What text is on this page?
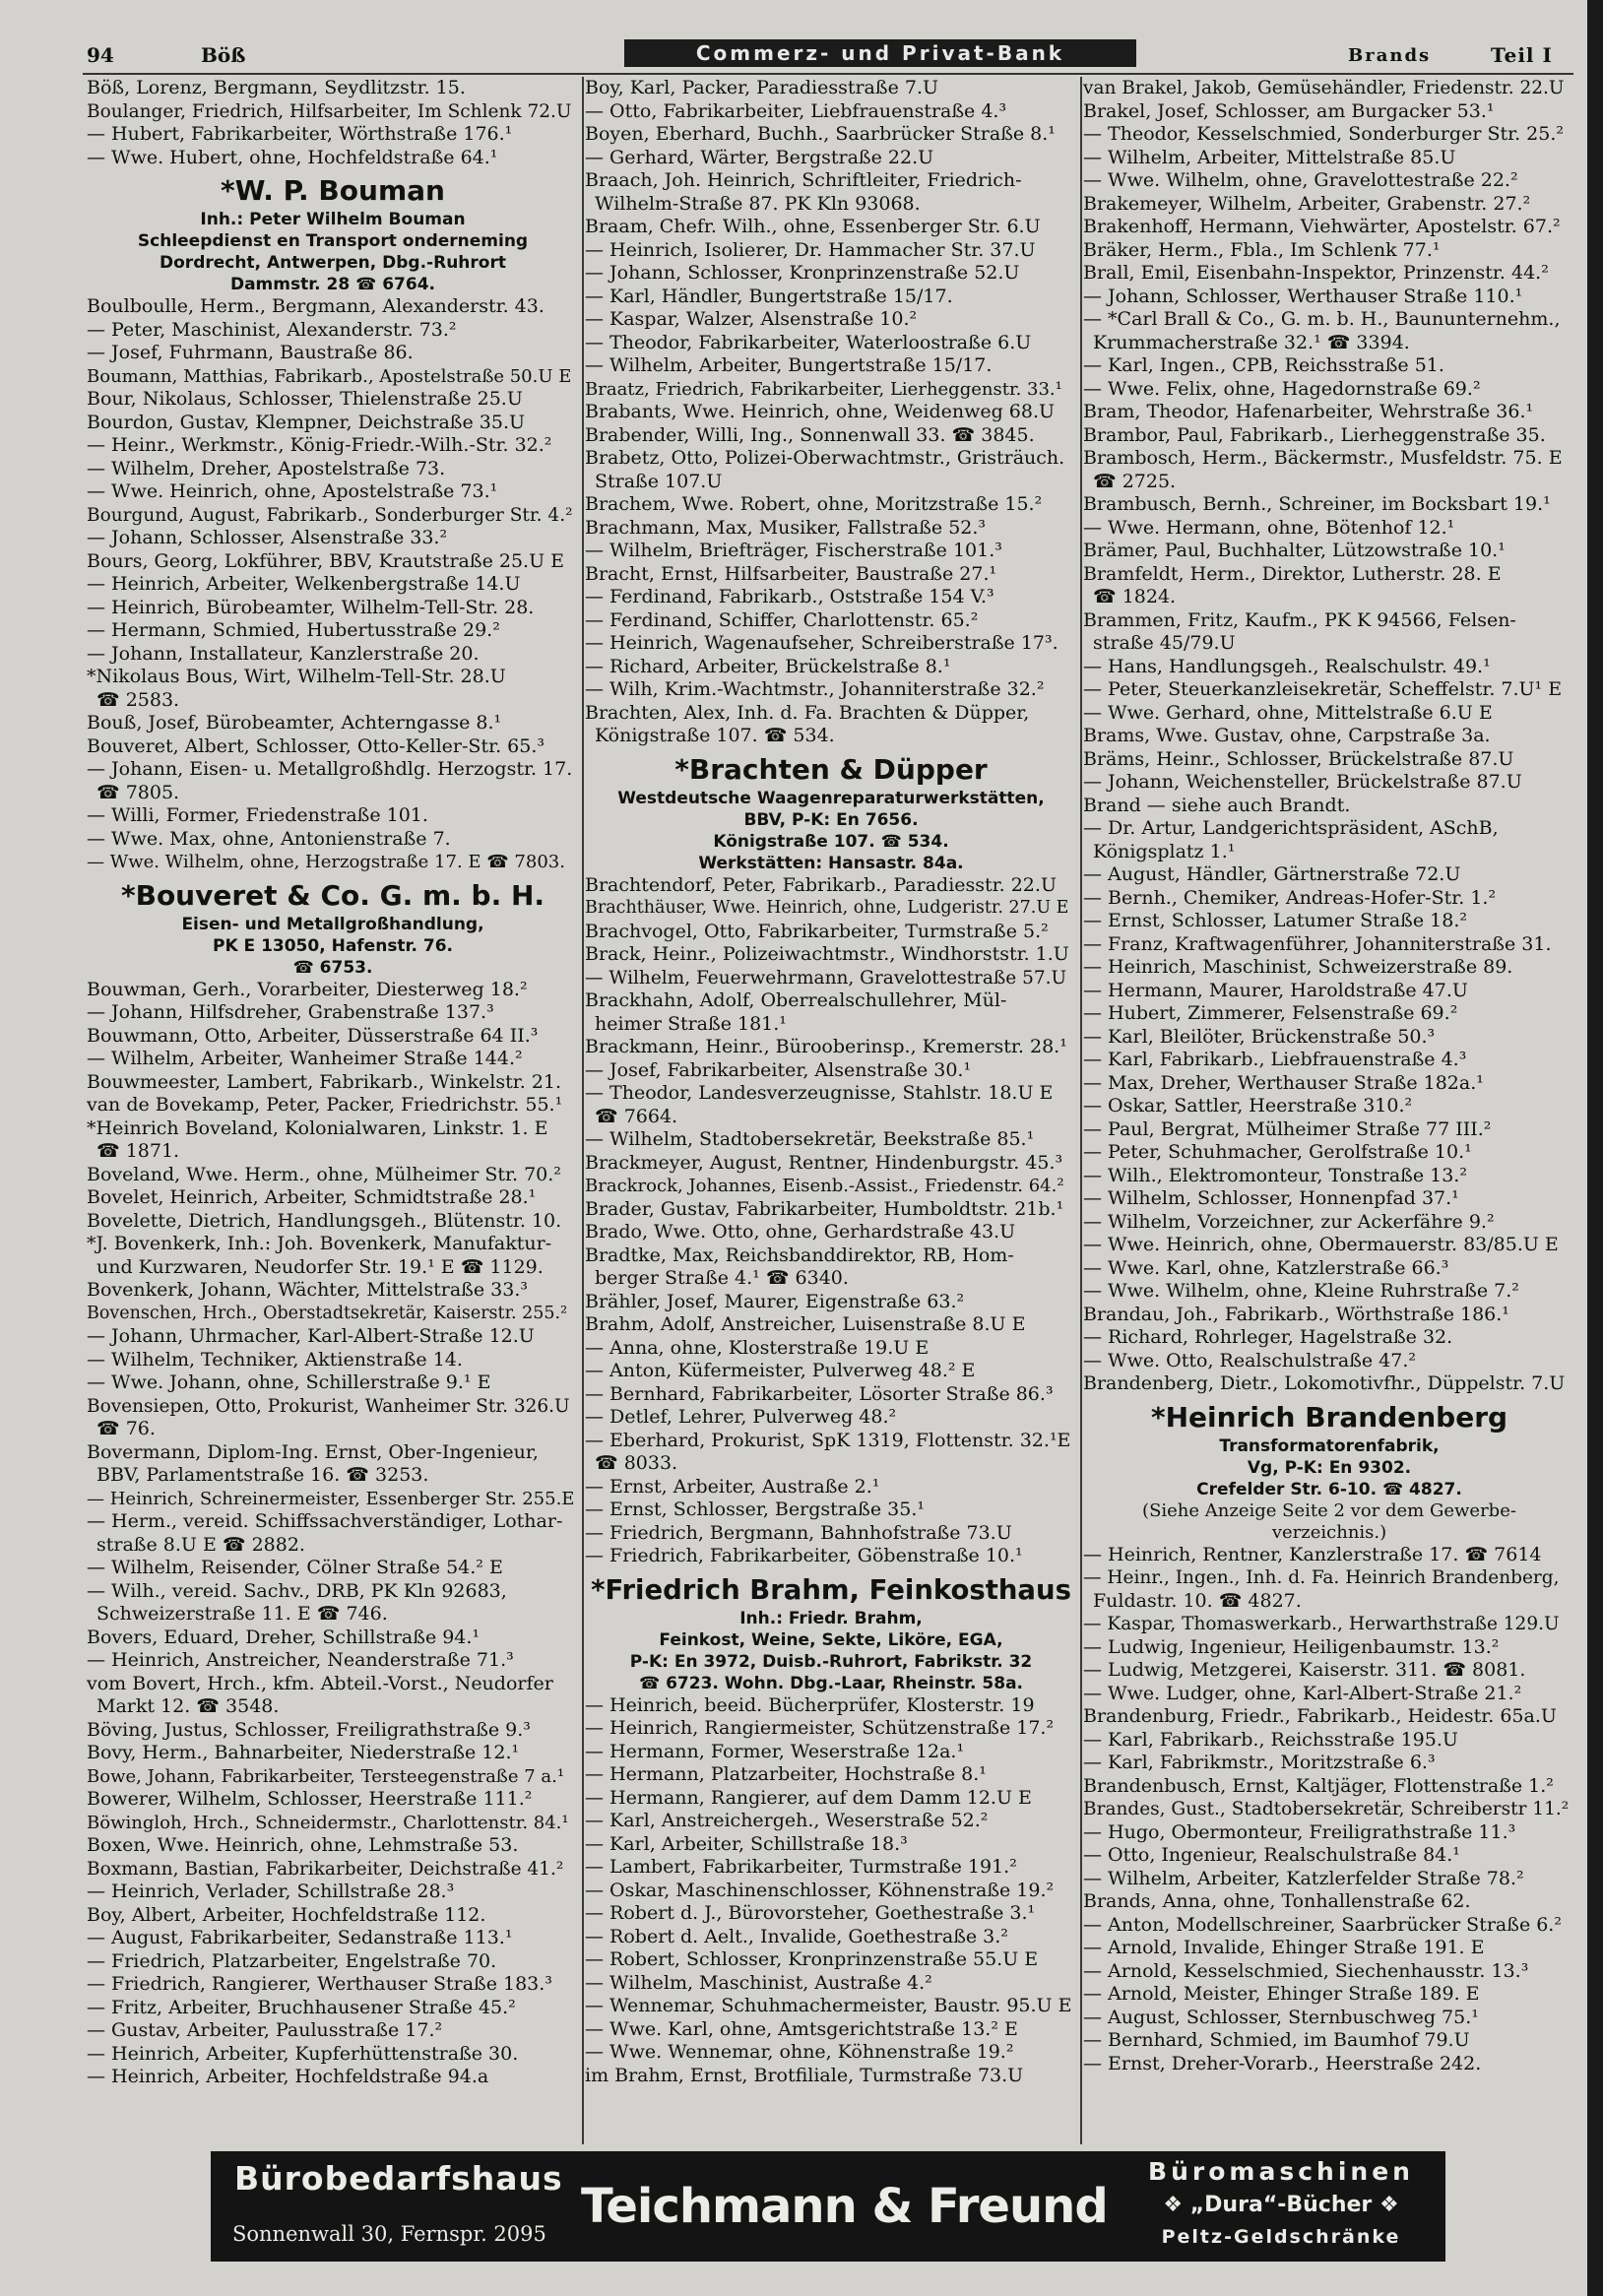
94	Böß	Commerz- und Privat-Bank	Brands	Teil I
Böß, Lorenz, Bergmann, Seydlitzstr. 15.
Boulanger, Friedrich, Hilfsarbeiter, Im Schlenk 72.U
— Hubert, Fabrikarbeiter, Wörthstraße 176.¹
— Wwe. Hubert, ohne, Hochfeldstraße 64.¹
*W. P. Bouman
Inh.: Peter Wilhelm Bouman
Schleepdienst en Transport onderneming
Dordrecht, Antwerpen, Dbg.-Ruhrort
Dammstr. 28 ☎ 6764.
Boulboulle, Herm., Bergmann, Alexanderstr. 43.
— Peter, Maschinist, Alexanderstr. 73.²
— Josef, Fuhrmann, Baustraße 86.
Boumann, Matthias, Fabrikarb., Apostelstraße 50.U E
Bour, Nikolaus, Schlosser, Thielenstraße 25.U
Bourdon, Gustav, Klempner, Deichstraße 35.U
— Heinr., Werkmstr., König-Friedr.-Wilh.-Str. 32.²
— Wilhelm, Dreher, Apostelstraße 73.
— Wwe. Heinrich, ohne, Apostelstraße 73.¹
Bourgund, August, Fabrikarb., Sonderburger Str. 4.²
— Johann, Schlosser, Alsenstraße 33.²
Bours, Georg, Lokführer, BBV, Krautstraße 25.U E
— Heinrich, Arbeiter, Welkenbergstraße 14.U
— Heinrich, Bürobeamter, Wilhelm-Tell-Str. 28.
— Hermann, Schmied, Hubertusstraße 29.²
— Johann, Installateur, Kanzlerstraße 20.
*Nikolaus Bous, Wirt, Wilhelm-Tell-Str. 28.U
☎ 2583.
Bouß, Josef, Bürobeamter, Achterngasse 8.¹
Bouveret, Albert, Schlosser, Otto-Keller-Str. 65.³
— Johann, Eisen- u. Metallgroßhdlg. Herzogstr. 17.
☎ 7805.
— Willi, Former, Friedenstraße 101.
— Wwe. Max, ohne, Antonienstraße 7.
— Wwe. Wilhelm, ohne, Herzogstraße 17. E ☎ 7803.
*Bouveret & Co. G. m. b. H.
Eisen- und Metallgroßhandlung,
PK E 13050, Hafenstr. 76.
☎ 6753.
Bouwman, Gerh., Vorarbeiter, Diesterweg 18.²
— Johann, Hilfsdreher, Grabenstraße 137.³
Bouwmann, Otto, Arbeiter, Düsserstraße 64 II.³
— Wilhelm, Arbeiter, Wanheimer Straße 144.²
Bouwmeester, Lambert, Fabrikarb., Winkelstr. 21.
van de Bovekamp, Peter, Packer, Friedrichstr. 55.¹
*Heinrich Boveland, Kolonialwaren, Linkstr. 1. E
☎ 1871.
Boveland, Wwe. Herm., ohne, Mülheimer Str. 70.²
Bovelet, Heinrich, Arbeiter, Schmidtstraße 28.¹
Bovelette, Dietrich, Handlungsgeh., Blütenstr. 10.
*J. Bovenkerk, Inh.: Joh. Bovenkerk, Manufaktur-
und Kurzwaren, Neudorfer Str. 19.¹ E ☎ 1129.
Bovenkerk, Johann, Wächter, Mittelstraße 33.³
Bovenschen, Hrch., Oberstadtsekretär, Kaiserstr. 255.²
— Johann, Uhrmacher, Karl-Albert-Straße 12.U
— Wilhelm, Techniker, Aktienstraße 14.
— Wwe. Johann, ohne, Schillerstraße 9.¹ E
Bovensiepen, Otto, Prokurist, Wanheimer Str. 326.U
☎ 76.
Bovermann, Diplom-Ing. Ernst, Ober-Ingenieur,
BBV, Parlamentstraße 16. ☎ 3253.
— Heinrich, Schreinermeister, Essenberger Str. 255.E
— Herm., vereid. Schiffssachverständiger, Lothar-
straße 8.U E ☎ 2882.
— Wilhelm, Reisender, Cölner Straße 54.² E
— Wilh., vereid. Sachv., DRB, PK Kln 92683,
Schweizerstraße 11. E ☎ 746.
Bovers, Eduard, Dreher, Schillstraße 94.¹
— Heinrich, Anstreicher, Neanderstraße 71.³
vom Bovert, Hrch., kfm. Abteil.-Vorst., Neudorfer
Markt 12. ☎ 3548.
Böving, Justus, Schlosser, Freiligrathstraße 9.³
Bovy, Herm., Bahnarbeiter, Niederstraße 12.¹
Bowe, Johann, Fabrikarbeiter, Tersteegenstraße 7 a.¹
Bowerer, Wilhelm, Schlosser, Heerstraße 111.²
Böwingloh, Hrch., Schneidermstr., Charlottenstr. 84.¹
Boxen, Wwe. Heinrich, ohne, Lehmstraße 53.
Boxmann, Bastian, Fabrikarbeiter, Deichstraße 41.²
— Heinrich, Verlader, Schillstraße 28.³
Boy, Albert, Arbeiter, Hochfeldstraße 112.
— August, Fabrikarbeiter, Sedanstraße 113.¹
— Friedrich, Platzarbeiter, Engelstraße 70.
— Friedrich, Rangierer, Werthauser Straße 183.³
— Fritz, Arbeiter, Bruchhausener Straße 45.²
— Gustav, Arbeiter, Paulusstraße 17.²
— Heinrich, Arbeiter, Kupferhüttenstraße 30.
— Heinrich, Arbeiter, Hochfeldstraße 94.a
Boy, Karl, Packer, Paradiesstraße 7.U
— Otto, Fabrikarbeiter, Liebfrauenstraße 4.³
Boyen, Eberhard, Buchh., Saarbrücker Straße 8.¹
— Gerhard, Wärter, Bergstraße 22.U
Braach, Joh. Heinrich, Schriftleiter, Friedrich-
Wilhelm-Straße 87. PK Kln 93068.
Braam, Chefr. Wilh., ohne, Essenberger Str. 6.U
— Heinrich, Isolierer, Dr. Hammacher Str. 37.U
— Johann, Schlosser, Kronprinzenstraße 52.U
— Karl, Händler, Bungertstraße 15/17.
— Kaspar, Walzer, Alsenstraße 10.²
— Theodor, Fabrikarbeiter, Waterloostraße 6.U
— Wilhelm, Arbeiter, Bungertstraße 15/17.
Braatz, Friedrich, Fabrikarbeiter, Lierheggenstr. 33.¹
Brabants, Wwe. Heinrich, ohne, Weidenweg 68.U
Brabender, Willi, Ing., Sonnenwall 33. ☎ 3845.
Brabetz, Otto, Polizei-Oberwachtmstr., Gristräuch.
Straße 107.U
Brachem, Wwe. Robert, ohne, Moritzstraße 15.²
Brachmann, Max, Musiker, Fallstraße 52.³
— Wilhelm, Briefträger, Fischerstraße 101.³
Bracht, Ernst, Hilfsarbeiter, Baustraße 27.¹
— Ferdinand, Fabrikarb., Oststraße 154 V.³
— Ferdinand, Schiffer, Charlottenstr. 65.²
— Heinrich, Wagenaufseher, Schreiberstraße 17³.
— Richard, Arbeiter, Brückelstraße 8.¹
— Wilh, Krim.-Wachtmstr., Johanniterstraße 32.²
Brachten, Alex, Inh. d. Fa. Brachten & Düpper,
Königstraße 107. ☎ 534.
*Brachten & Düpper
Westdeutsche Waagenreparaturwerkstätten,
BBV, P-K: En 7656.
Königstraße 107. ☎ 534.
Werkstätten: Hansastr. 84a.
Brachtendorf, Peter, Fabrikarb., Paradiesstr. 22.U
Brachthäuser, Wwe. Heinrich, ohne, Ludgeristr. 27.U E
Brachvogel, Otto, Fabrikarbeiter, Turmstraße 5.²
Brack, Heinr., Polizeiwachtmstr., Windhorststr. 1.U
— Wilhelm, Feuerwehrmann, Gravelottestraße 57.U
Brackhahn, Adolf, Oberrealschullehrer, Mül-
heimer Straße 181.¹
Brackmann, Heinr., Bürooberinsp., Kremerstr. 28.¹
— Josef, Fabrikarbeiter, Alsenstraße 30.¹
— Theodor, Landesverzeugnisse, Stahlstr. 18.U E
☎ 7664.
— Wilhelm, Stadtobersekretär, Beekstraße 85.¹
Brackmeyer, August, Rentner, Hindenburgstr. 45.³
Brackrock, Johannes, Eisenb.-Assist., Friedenstr. 64.²
Brader, Gustav, Fabrikarbeiter, Humboldtstr. 21b.¹
Brado, Wwe. Otto, ohne, Gerhardstraße 43.U
Bradtke, Max, Reichsbanddirektor, RB, Hom-
berger Straße 4.¹ ☎ 6340.
Brähler, Josef, Maurer, Eigenstraße 63.²
Brahm, Adolf, Anstreicher, Luisenstraße 8.U E
— Anna, ohne, Klosterstraße 19.U E
— Anton, Küfermeister, Pulverweg 48.² E
— Bernhard, Fabrikarbeiter, Lösorter Straße 86.³
— Detlef, Lehrer, Pulverweg 48.²
— Eberhard, Prokurist, SpK 1319, Flottenstr. 32.¹E
☎ 8033.
— Ernst, Arbeiter, Austraße 2.¹
— Ernst, Schlosser, Bergstraße 35.¹
— Friedrich, Bergmann, Bahnhofstraße 73.U
— Friedrich, Fabrikarbeiter, Göbenstraße 10.¹
*Friedrich Brahm, Feinkosthaus
Inh.: Friedr. Brahm,
Feinkost, Weine, Sekte, Liköre, EGA,
P-K: En 3972, Duisb.-Ruhrort, Fabrikstr. 32
☎ 6723. Wohn. Dbg.-Laar, Rheinstr. 58a.
— Heinrich, beeid. Bücherprüfer, Klosterstr. 19
— Heinrich, Rangiermeister, Schützenstraße 17.²
— Hermann, Former, Weserstraße 12a.¹
— Hermann, Platzarbeiter, Hochstraße 8.¹
— Hermann, Rangierer, auf dem Damm 12.U E
— Karl, Anstreichergeh., Weserstraße 52.²
— Karl, Arbeiter, Schillstraße 18.³
— Lambert, Fabrikarbeiter, Turmstraße 191.²
— Oskar, Maschinenschlosser, Köhnenstraße 19.²
— Robert d. J., Bürovorsteher, Goethestraße 3.¹
— Robert d. Aelt., Invalide, Goethestraße 3.²
— Robert, Schlosser, Kronprinzenstraße 55.U E
— Wilhelm, Maschinist, Austraße 4.²
— Wennemar, Schuhmachermeister, Baustr. 95.U E
— Wwe. Karl, ohne, Amtsgerichtstraße 13.² E
— Wwe. Wennemar, ohne, Köhnenstraße 19.²
im Brahm, Ernst, Brotfiliale, Turmstraße 73.U
van Brakel, Jakob, Gemüsehändler, Friedenstr. 22.U
Brakel, Josef, Schlosser, am Burgacker 53.¹
— Theodor, Kesselschmied, Sonderburger Str. 25.²
— Wilhelm, Arbeiter, Mittelstraße 85.U
— Wwe. Wilhelm, ohne, Gravelottestraße 22.²
Brakemeyer, Wilhelm, Arbeiter, Grabenstr. 27.²
Brakenhoff, Hermann, Viehwärter, Apostelstr. 67.²
Bräker, Herm., Fbla., Im Schlenk 77.¹
Brall, Emil, Eisenbahn-Inspektor, Prinzenstr. 44.²
— Johann, Schlosser, Werthauser Straße 110.¹
— *Carl Brall & Co., G. m. b. H., Baununternehm.,
Krummacherstraße 32.¹ ☎ 3394.
— Karl, Ingen., CPB, Reichsstraße 51.
— Wwe. Felix, ohne, Hagedornstraße 69.²
Bram, Theodor, Hafenarbeiter, Wehrstraße 36.¹
Brambor, Paul, Fabrikarb., Lierheggenstraße 35.
Brambosch, Herm., Bäckermstr., Musfeldstr. 75. E
☎ 2725.
Brambusch, Bernh., Schreiner, im Bocksbart 19.¹
— Wwe. Hermann, ohne, Bötenhof 12.¹
Brämer, Paul, Buchhalter, Lützowstraße 10.¹
Bramfeldt, Herm., Direktor, Lutherstr. 28. E
☎ 1824.
Brammen, Fritz, Kaufm., PK K 94566, Felsen-
straße 45/79.U
— Hans, Handlungsgeh., Realschulstr. 49.¹
— Peter, Steuerkanzleisekretär, Scheffelstr. 7.U¹ E
— Wwe. Gerhard, ohne, Mittelstraße 6.U E
Brams, Wwe. Gustav, ohne, Carpstraße 3a.
Bräms, Heinr., Schlosser, Brückelstraße 87.U
— Johann, Weichensteller, Brückelstraße 87.U
Brand — siehe auch Brandt.
— Dr. Artur, Landgerichtspräsident, ASchB,
Königsplatz 1.¹
— August, Händler, Gärtnerstraße 72.U
— Bernh., Chemiker, Andreas-Hofer-Str. 1.²
— Ernst, Schlosser, Latumer Straße 18.²
— Franz, Kraftwagenführer, Johanniterstraße 31.
— Heinrich, Maschinist, Schweizerstraße 89.
— Hermann, Maurer, Haroldstraße 47.U
— Hubert, Zimmerer, Felsenstraße 69.²
— Karl, Bleilöter, Brückenstraße 50.³
— Karl, Fabrikarb., Liebfrauenstraße 4.³
— Max, Dreher, Werthauser Straße 182a.¹
— Oskar, Sattler, Heerstraße 310.²
— Paul, Bergrat, Mülheimer Straße 77 III.²
— Peter, Schuhmacher, Gerolfstraße 10.¹
— Wilh., Elektromonteur, Tonstraße 13.²
— Wilhelm, Schlosser, Honnenpfad 37.¹
— Wilhelm, Vorzeichner, zur Ackerfähre 9.²
— Wwe. Heinrich, ohne, Obermauerstr. 83/85.U E
— Wwe. Karl, ohne, Katzlerstraße 66.³
— Wwe. Wilhelm, ohne, Kleine Ruhrstraße 7.²
Brandau, Joh., Fabrikarb., Wörthstraße 186.¹
— Richard, Rohrleger, Hagelstraße 32.
— Wwe. Otto, Realschulstraße 47.²
Brandenberg, Dietr., Lokomotivfhr., Düppelstr. 7.U
*Heinrich Brandenberg
Transformatorenfabrik,
Vg, P-K: En 9302.
Crefelder Str. 6-10. ☎ 4827.
(Siehe Anzeige Seite 2 vor dem Gewerbe-
verzeichnis.)
— Heinrich, Rentner, Kanzlerstraße 17. ☎ 7614
— Heinr., Ingen., Inh. d. Fa. Heinrich Brandenberg,
Fuldastr. 10. ☎ 4827.
— Kaspar, Thomaswerkarb., Herwarthstraße 129.U
— Ludwig, Ingenieur, Heiligenbaumstr. 13.²
— Ludwig, Metzgerei, Kaiserstr. 311. ☎ 8081.
— Wwe. Ludger, ohne, Karl-Albert-Straße 21.²
Brandenburg, Friedr., Fabrikarb., Heidestr. 65a.U
— Karl, Fabrikarb., Reichsstraße 195.U
— Karl, Fabrikmstr., Moritzstraße 6.³
Brandenbusch, Ernst, Kaltjäger, Flottenstraße 1.²
Brandes, Gust., Stadtobersekretär, Schreiberstr 11.²
— Hugo, Obermonteur, Freiligrathstraße 11.³
— Otto, Ingenieur, Realschulstraße 84.¹
— Wilhelm, Arbeiter, Katzlerfelder Straße 78.²
Brands, Anna, ohne, Tonhallenstraße 62.
— Anton, Modellschreiner, Saarbrücker Straße 6.²
— Arnold, Invalide, Ehinger Straße 191. E
— Arnold, Kesselschmied, Siechenhausstr. 13.³
— Arnold, Meister, Ehinger Straße 189. E
— August, Schlosser, Sternbuschweg 75.¹
— Bernhard, Schmied, im Baumhof 79.U
— Ernst, Dreher-Vorarb., Heerstraße 242.
Bürobedarfshaus
Sonnenwall 30, Fernspr. 2095 Teichmann & Freund
Büromaschinen
❖ „Dura“-Bücher ❖
Peltz-Geldschränke
